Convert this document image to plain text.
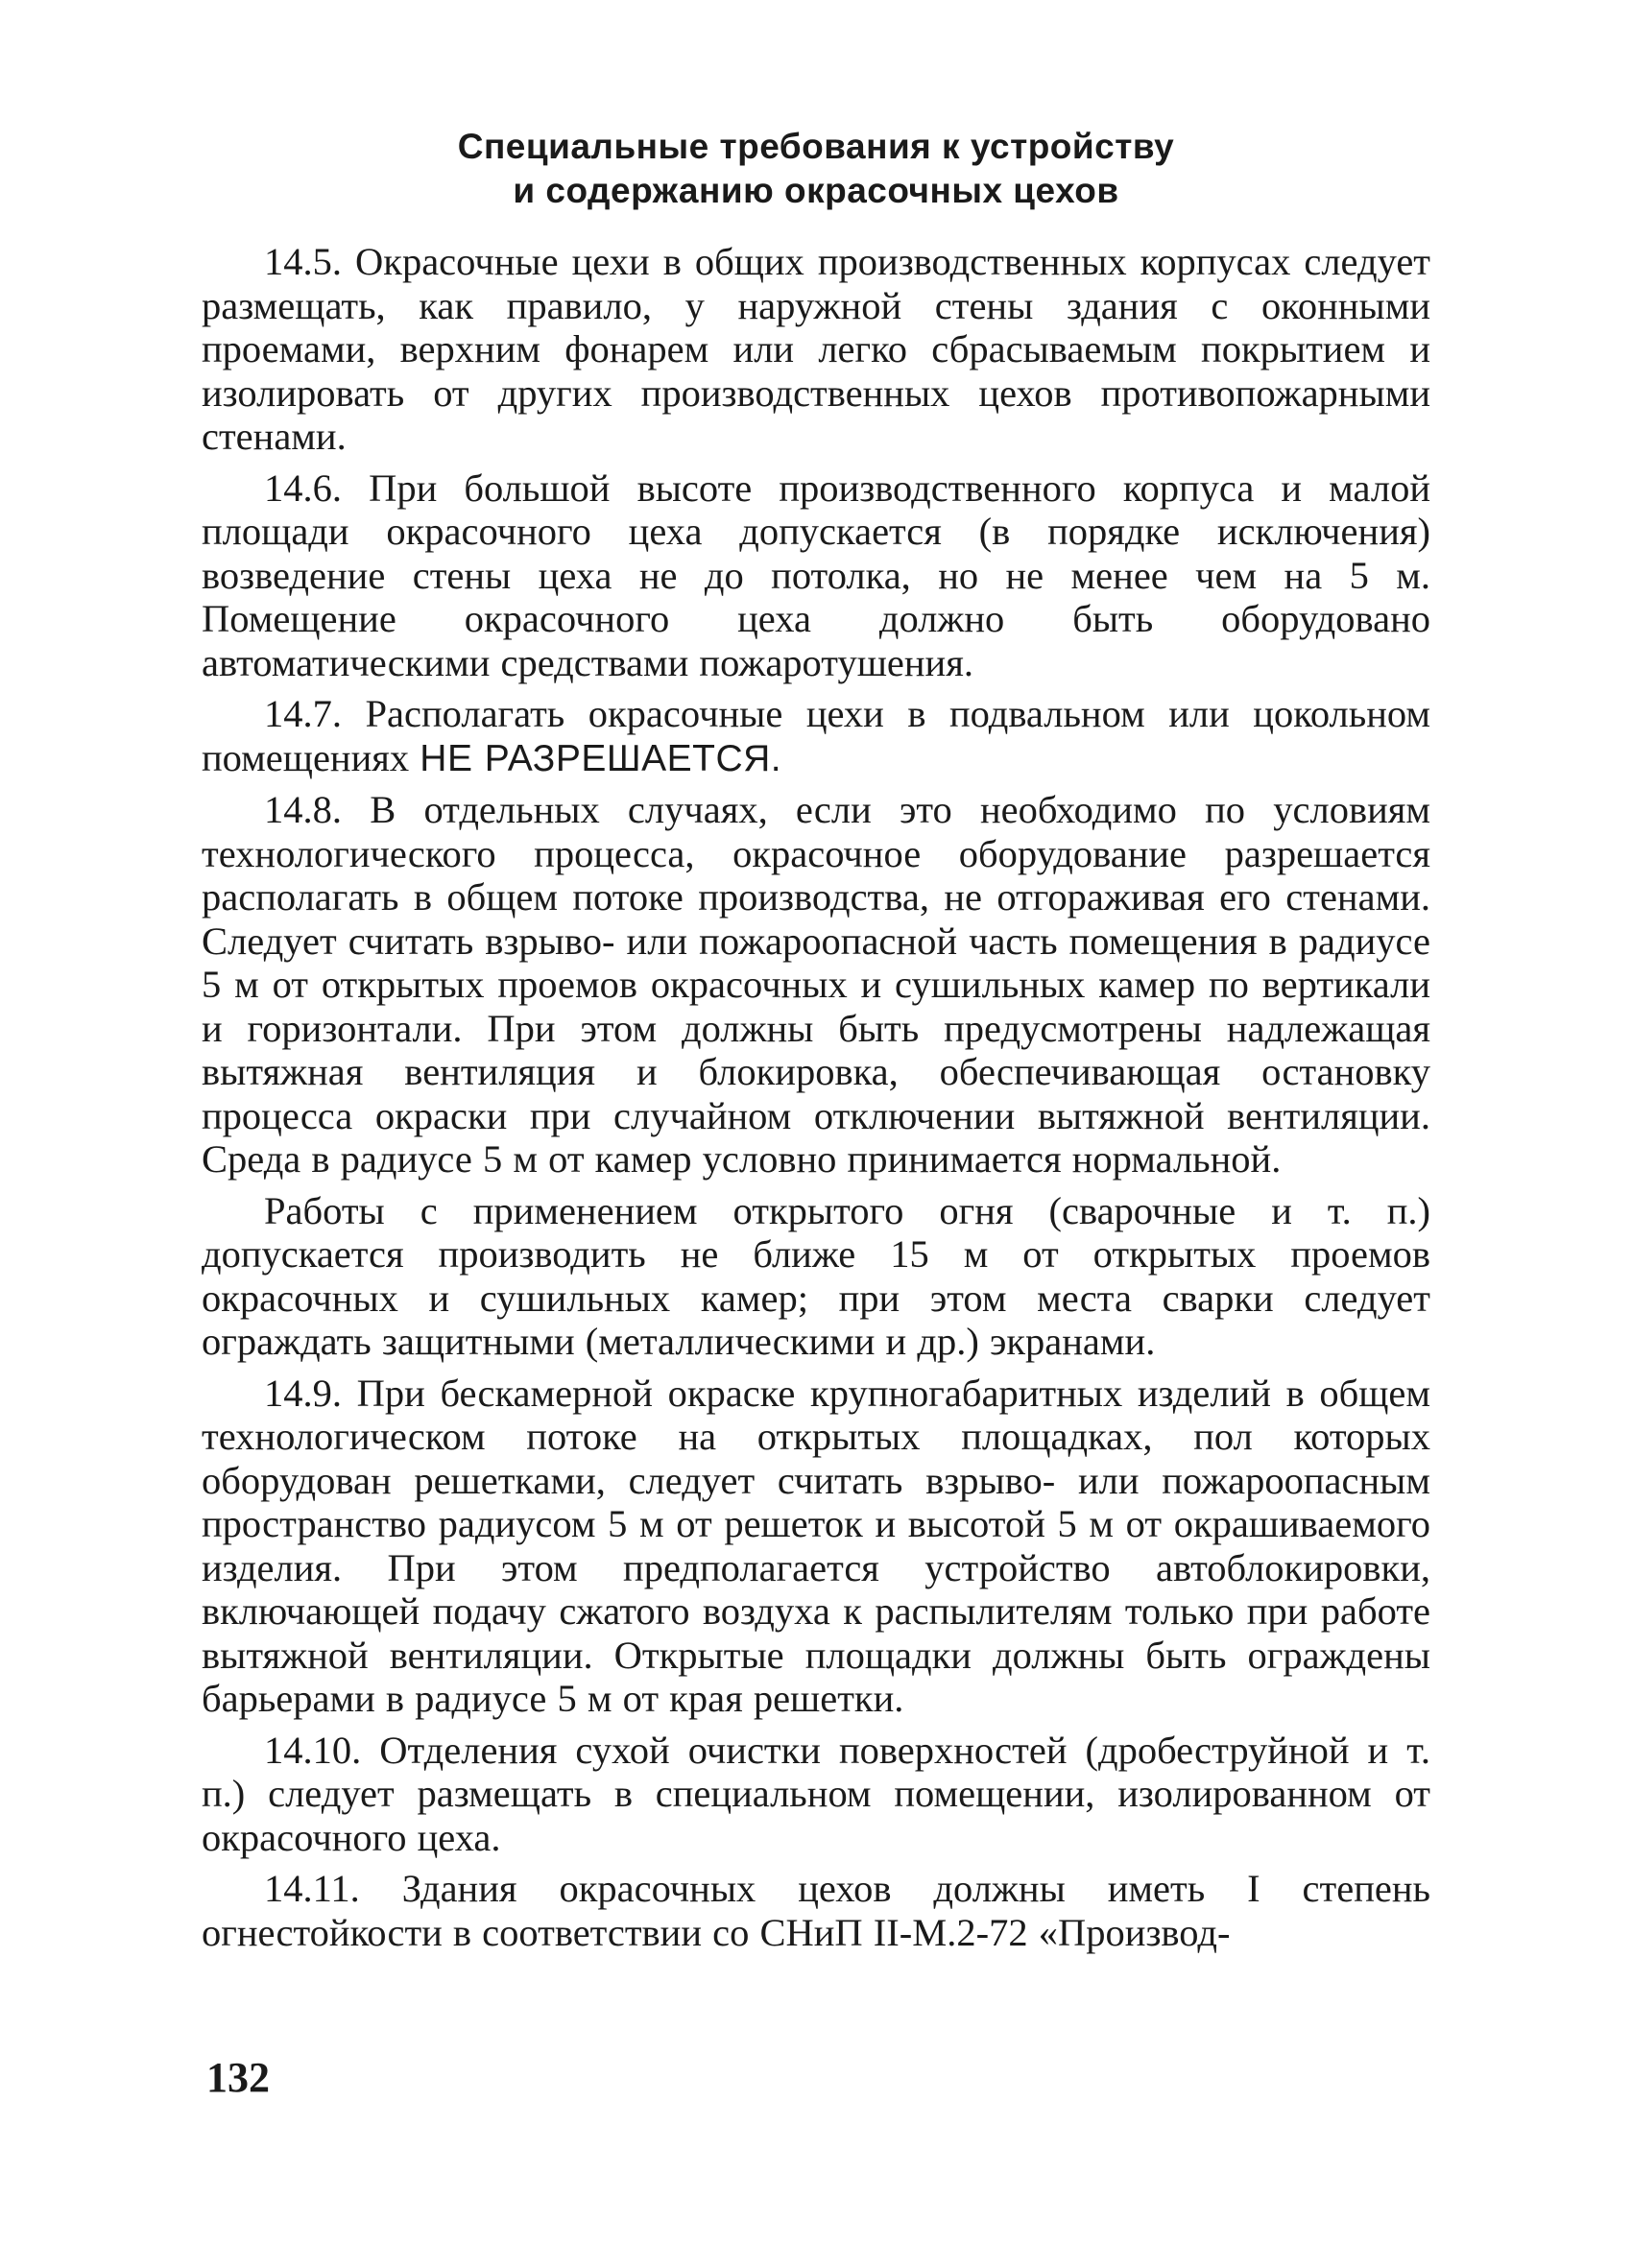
Специальные требования к устройству
и содержанию окрасочных цехов

14.5. Окрасочные цехи в общих производственных корпусах следует размещать, как правило, у наружной стены здания с оконными проемами, верхним фонарем или легко сбрасываемым покрытием и изолировать от других производственных цехов противопожарными стенами.

14.6. При большой высоте производственного корпуса и малой площади окрасочного цеха допускается (в порядке исключения) возведение стены цеха не до потолка, но не менее чем на 5 м. Помещение окрасочного цеха должно быть оборудовано автоматическими средствами пожаротушения.

14.7. Располагать окрасочные цехи в подвальном или цокольном помещениях НЕ РАЗРЕШАЕТСЯ.

14.8. В отдельных случаях, если это необходимо по условиям технологического процесса, окрасочное оборудование разрешается располагать в общем потоке производства, не отгораживая его стенами. Следует считать взрыво- или пожароопасной часть помещения в радиусе 5 м от открытых проемов окрасочных и сушильных камер по вертикали и горизонтали. При этом должны быть предусмотрены надлежащая вытяжная вентиляция и блокировка, обеспечивающая остановку процесса окраски при случайном отключении вытяжной вентиляции. Среда в радиусе 5 м от камер условно принимается нормальной.

Работы с применением открытого огня (сварочные и т. п.) допускается производить не ближе 15 м от открытых проемов окрасочных и сушильных камер; при этом места сварки следует ограждать защитными (металлическими и др.) экранами.

14.9. При бескамерной окраске крупногабаритных изделий в общем технологическом потоке на открытых площадках, пол которых оборудован решетками, следует считать взрыво- или пожароопасным пространство радиусом 5 м от решеток и высотой 5 м от окрашиваемого изделия. При этом предполагается устройство автоблокировки, включающей подачу сжатого воздуха к распылителям только при работе вытяжной вентиляции. Открытые площадки должны быть ограждены барьерами в радиусе 5 м от края решетки.

14.10. Отделения сухой очистки поверхностей (дробеструйной и т. п.) следует размещать в специальном помещении, изолированном от окрасочного цеха.

14.11. Здания окрасочных цехов должны иметь I степень огнестойкости в соответствии со СНиП II-М.2-72 «Производ-

132
